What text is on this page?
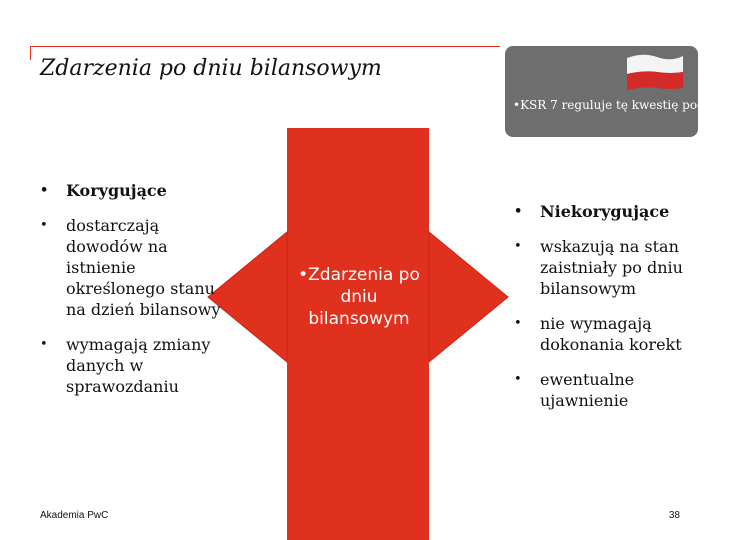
Zdarzenia po dniu bilansowym
•KSR 7 reguluje tę kwestię podobnie.
•Zdarzenia po dniu bilansowym
• Korygujące
• dostarczają dowodów na istnienie określonego stanu na dzień bilansowy
• wymagają zmiany danych w sprawozdaniu
• Niekorygujące
• wskazują na stan zaistniały po dniu bilansowym
• nie wymagają dokonania korekt
• ewentualne ujawnienie
Akademia PwC	38
